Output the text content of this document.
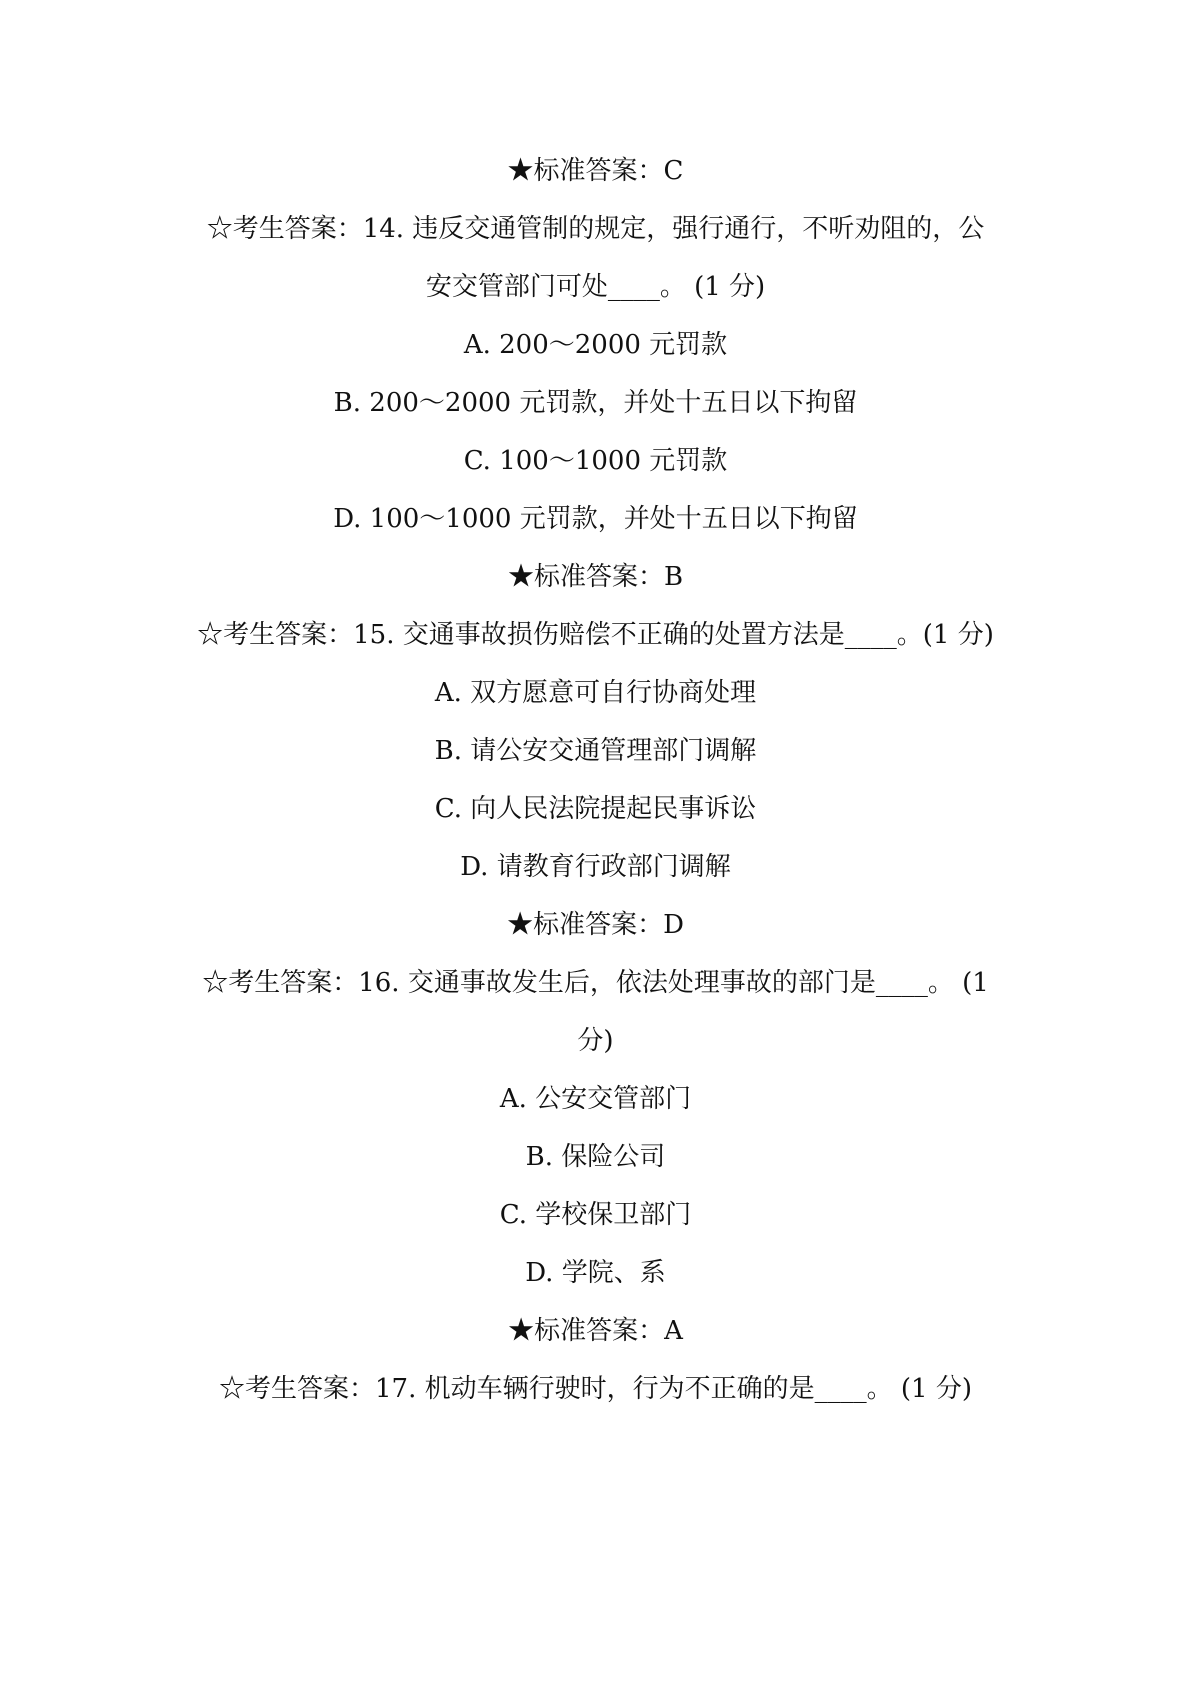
★标准答案：C
☆考生答案：14. 违反交通管制的规定，强行通行，不听劝阻的，公
安交管部门可处____。 (1 分)
A. 200～2000 元罚款
B. 200～2000 元罚款，并处十五日以下拘留
C. 100～1000 元罚款
D. 100～1000 元罚款，并处十五日以下拘留
★标准答案：B
☆考生答案：15. 交通事故损伤赔偿不正确的处置方法是____。(1 分)
A. 双方愿意可自行协商处理
B. 请公安交通管理部门调解
C. 向人民法院提起民事诉讼
D. 请教育行政部门调解
★标准答案：D
☆考生答案：16. 交通事故发生后，依法处理事故的部门是____。 (1
分)
A. 公安交管部门
B. 保险公司
C. 学校保卫部门
D. 学院、系
★标准答案：A
☆考生答案：17. 机动车辆行驶时，行为不正确的是____。 (1 分)
